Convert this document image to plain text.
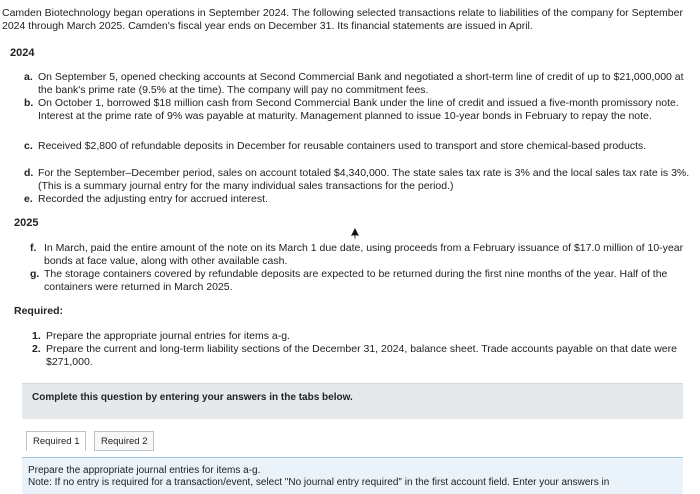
Camden Biotechnology began operations in September 2024. The following selected transactions relate to liabilities of the company for September 2024 through March 2025. Camden's fiscal year ends on December 31. Its financial statements are issued in April.
2024
a. On September 5, opened checking accounts at Second Commercial Bank and negotiated a short-term line of credit of up to $21,000,000 at the bank's prime rate (9.5% at the time). The company will pay no commitment fees.
b. On October 1, borrowed $18 million cash from Second Commercial Bank under the line of credit and issued a five-month promissory note. Interest at the prime rate of 9% was payable at maturity. Management planned to issue 10-year bonds in February to repay the note.
c. Received $2,800 of refundable deposits in December for reusable containers used to transport and store chemical-based products.
d. For the September–December period, sales on account totaled $4,340,000. The state sales tax rate is 3% and the local sales tax rate is 3%. (This is a summary journal entry for the many individual sales transactions for the period.)
e. Recorded the adjusting entry for accrued interest.
2025
f. In March, paid the entire amount of the note on its March 1 due date, using proceeds from a February issuance of $17.0 million of 10-year bonds at face value, along with other available cash.
g. The storage containers covered by refundable deposits are expected to be returned during the first nine months of the year. Half of the containers were returned in March 2025.
Required:
1. Prepare the appropriate journal entries for items a-g.
2. Prepare the current and long-term liability sections of the December 31, 2024, balance sheet. Trade accounts payable on that date were $271,000.
Complete this question by entering your answers in the tabs below.
Required 1	Required 2
Prepare the appropriate journal entries for items a-g.
Note: If no entry is required for a transaction/event, select "No journal entry required" in the first account field. Enter your answers in
